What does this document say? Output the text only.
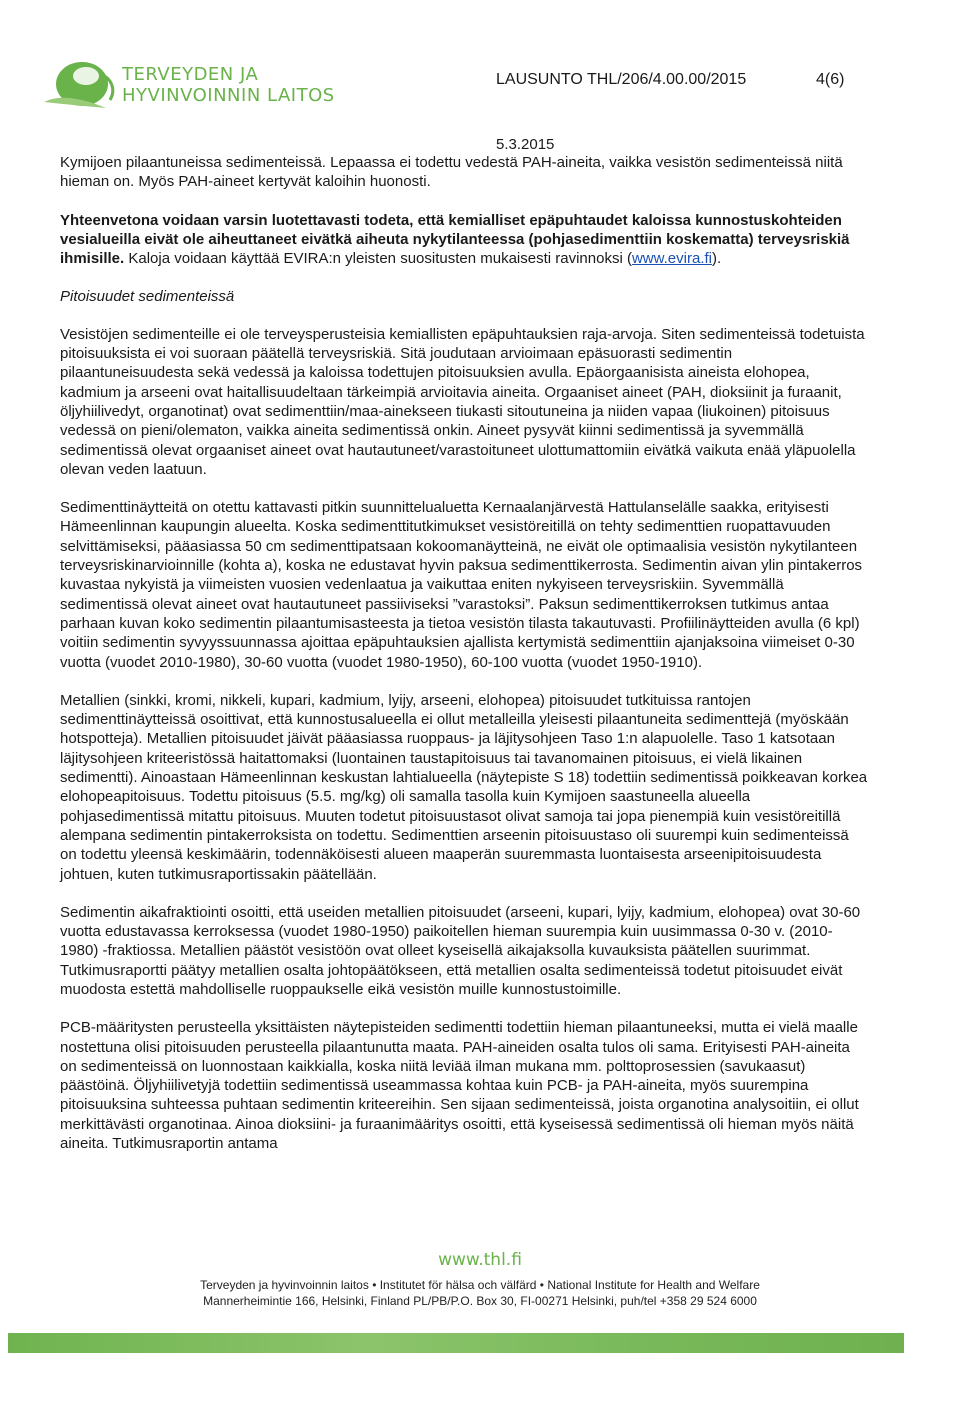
TERVEYDEN JA
HYVINVOINNIN LAITOS
LAUSUNTO THL/206/4.00.00/2015	4(6)
5.3.2015

Kymijoen pilaantuneissa sedimenteissä. Lepaassa ei todettu vedestä PAH-aineita, vaikka vesistön sedimenteissä niitä hieman on. Myös PAH-aineet kertyvät kaloihin huonosti.

Yhteenvetona voidaan varsin luotettavasti todeta, että kemialliset epäpuhtaudet kaloissa kunnostuskohteiden vesialueilla eivät ole aiheuttaneet eivätkä aiheuta nykytilanteessa (pohjasedimenttiin koskematta) terveysriskiä ihmisille. Kaloja voidaan käyttää EVIRA:n yleisten suositusten mukaisesti ravinnoksi (www.evira.fi).

Pitoisuudet sedimenteissä

Vesistöjen sedimenteille ei ole terveysperusteisia kemiallisten epäpuhtauksien raja-arvoja. Siten sedimenteissä todetuista pitoisuuksista ei voi suoraan päätellä terveysriskiä. Sitä joudutaan arvioimaan epäsuorasti sedimentin pilaantuneisuudesta sekä vedessä ja kaloissa todettujen pitoisuuksien avulla. Epäorgaanisista aineista elohopea, kadmium ja arseeni ovat haitallisuudeltaan tärkeimpiä arvioitavia aineita. Orgaaniset aineet (PAH, dioksiinit ja furaanit, öljyhiilivedyt, organotinat) ovat sedimenttiin/maa-ainekseen tiukasti sitoutuneina ja niiden vapaa (liukoinen) pitoisuus vedessä on pieni/olematon, vaikka aineita sedimentissä onkin. Aineet pysyvät kiinni sedimentissä ja syvemmällä sedimentissä olevat orgaaniset aineet ovat hautautuneet/varastoituneet ulottumattomiin eivätkä vaikuta enää yläpuolella olevan veden laatuun.

Sedimenttinäytteitä on otettu kattavasti pitkin suunnittelualuetta Kernaalanjärvestä Hattulanselälle saakka, erityisesti Hämeenlinnan kaupungin alueelta. Koska sedimenttitutkimukset vesistöreitillä on tehty sedimenttien ruopattavuuden selvittämiseksi, pääasiassa 50 cm sedimenttipatsaan kokoomanäytteinä, ne eivät ole optimaalisia vesistön nykytilanteen terveysriskinarvioinnille (kohta a), koska ne edustavat hyvin paksua sedimenttikerrosta. Sedimentin aivan ylin pintakerros kuvastaa nykyistä ja viimeisten vuosien vedenlaatua ja vaikuttaa eniten nykyiseen terveysriskiin. Syvemmällä sedimentissä olevat aineet ovat hautautuneet passiiviseksi ”varastoksi”. Paksun sedimenttikerroksen tutkimus antaa parhaan kuvan koko sedimentin pilaantumisasteesta ja tietoa vesistön tilasta takautuvasti. Profiilinäytteiden avulla (6 kpl) voitiin sedimentin syvyyssuunnassa ajoittaa epäpuhtauksien ajallista kertymistä sedimenttiin ajanjaksoina viimeiset 0-30 vuotta (vuodet 2010-1980), 30-60 vuotta (vuodet 1980-1950), 60-100 vuotta (vuodet 1950-1910).

Metallien (sinkki, kromi, nikkeli, kupari, kadmium, lyijy, arseeni, elohopea) pitoisuudet tutkituissa rantojen sedimenttinäytteissä osoittivat, että kunnostusalueella ei ollut metalleilla yleisesti pilaantuneita sedimenttejä (myöskään hotspotteja). Metallien pitoisuudet jäivät pääasiassa ruoppaus- ja läjitysohjeen Taso 1:n alapuolelle. Taso 1 katsotaan läjitysohjeen kriteeristössä haitattomaksi (luontainen taustapitoisuus tai tavanomainen pitoisuus, ei vielä likainen sedimentti). Ainoastaan Hämeenlinnan keskustan lahtialueella (näytepiste S 18) todettiin sedimentissä poikkeavan korkea elohopeapitoisuus. Todettu pitoisuus (5.5. mg/kg) oli samalla tasolla kuin Kymijoen saastuneella alueella pohjasedimentissä mitattu pitoisuus. Muuten todetut pitoisuustasot olivat samoja tai jopa pienempiä kuin vesistöreitillä alempana sedimentin pintakerroksista on todettu. Sedimenttien arseenin pitoisuustaso oli suurempi kuin sedimenteissä on todettu yleensä keskimäärin, todennäköisesti alueen maaperän suuremmasta luontaisesta arseenipitoisuudesta johtuen, kuten tutkimusraportissakin päätellään.

Sedimentin aikafraktiointi osoitti, että useiden metallien pitoisuudet (arseeni, kupari, lyijy, kadmium, elohopea) ovat 30-60 vuotta edustavassa kerroksessa (vuodet 1980-1950) paikoitellen hieman suurempia kuin uusimmassa 0-30 v. (2010-1980) -fraktiossa. Metallien päästöt vesistöön ovat olleet kyseisellä aikajaksolla kuvauksista päätellen suurimmat. Tutkimusraportti päätyy metallien osalta johtopäätökseen, että metallien osalta sedimenteissä todetut pitoisuudet eivät muodosta estettä mahdolliselle ruoppaukselle eikä vesistön muille kunnostustoimille.

PCB-määritysten perusteella yksittäisten näytepisteiden sedimentti todettiin hieman pilaantuneeksi, mutta ei vielä maalle nostettuna olisi pitoisuuden perusteella pilaantunutta maata. PAH-aineiden osalta tulos oli sama. Erityisesti PAH-aineita on sedimenteissä on luonnostaan kaikkialla, koska niitä leviää ilman mukana mm. polttoprosessien (savukaasut) päästöinä. Öljyhiilivetyjä todettiin sedimentissä useammassa kohtaa kuin PCB- ja PAH-aineita, myös suurempina pitoisuuksina suhteessa puhtaan sedimentin kriteereihin. Sen sijaan sedimenteissä, joista organotina analysoitiin, ei ollut merkittävästi organotinaa. Ainoa dioksiini- ja furaanimääritys osoitti, että kyseisessä sedimentissä oli hieman myös näitä aineita. Tutkimusraportin antama

www.thl.fi
Terveyden ja hyvinvoinnin laitos • Institutet för hälsa och välfärd • National Institute for Health and Welfare
Mannerheimintie 166, Helsinki, Finland PL/PB/P.O. Box 30, FI-00271 Helsinki, puh/tel +358 29 524 6000
